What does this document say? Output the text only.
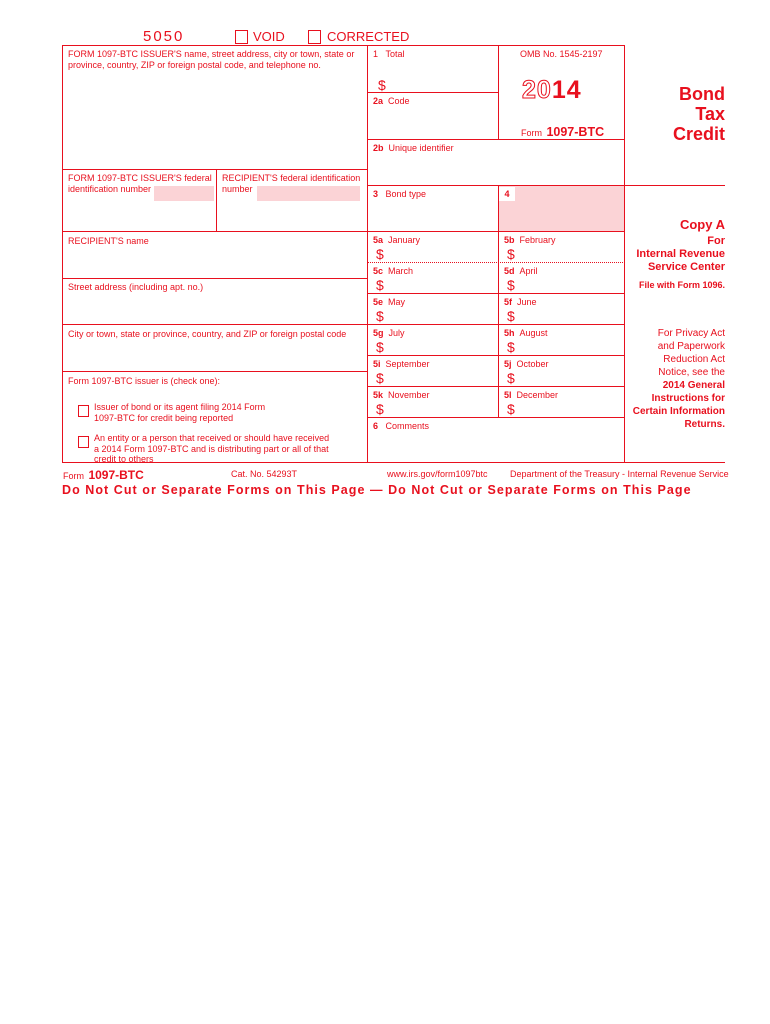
5050	VOID	CORRECTED
FORM 1097-BTC ISSUER'S name, street address, city or town, state or province, country, ZIP or foreign postal code, and telephone no.
FORM 1097-BTC ISSUER'S federal identification number
RECIPIENT'S federal identification number
RECIPIENT'S name
Street address (including apt. no.)
City or town, state or province, country, and ZIP or foreign postal code
Form 1097-BTC issuer is (check one):
Issuer of bond or its agent filing 2014 Form 1097-BTC for credit being reported
An entity or a person that received or should have received a 2014 Form 1097-BTC and is distributing part or all of that credit to others
1 Total
$
OMB No. 1545-2197
2014
Form 1097-BTC
2a Code
2b Unique identifier
3 Bond type	4
5a January
$
5b February
$
5c March
$
5d April
$
5e May
$
5f June
$
5g July
$
5h August
$
5i September
$
5j October
$
5k November
$
5l December
$
6 Comments
Bond
Tax
Credit
Copy A
For
Internal Revenue
Service Center
File with Form 1096.
For Privacy Act
and Paperwork
Reduction Act
Notice, see the
2014 General
Instructions for
Certain Information
Returns.
Form 1097-BTC	Cat. No. 54293T	www.irs.gov/form1097btc Department of the Treasury - Internal Revenue Service
Do Not Cut or Separate Forms on This Page — Do Not Cut or Separate Forms on This Page
